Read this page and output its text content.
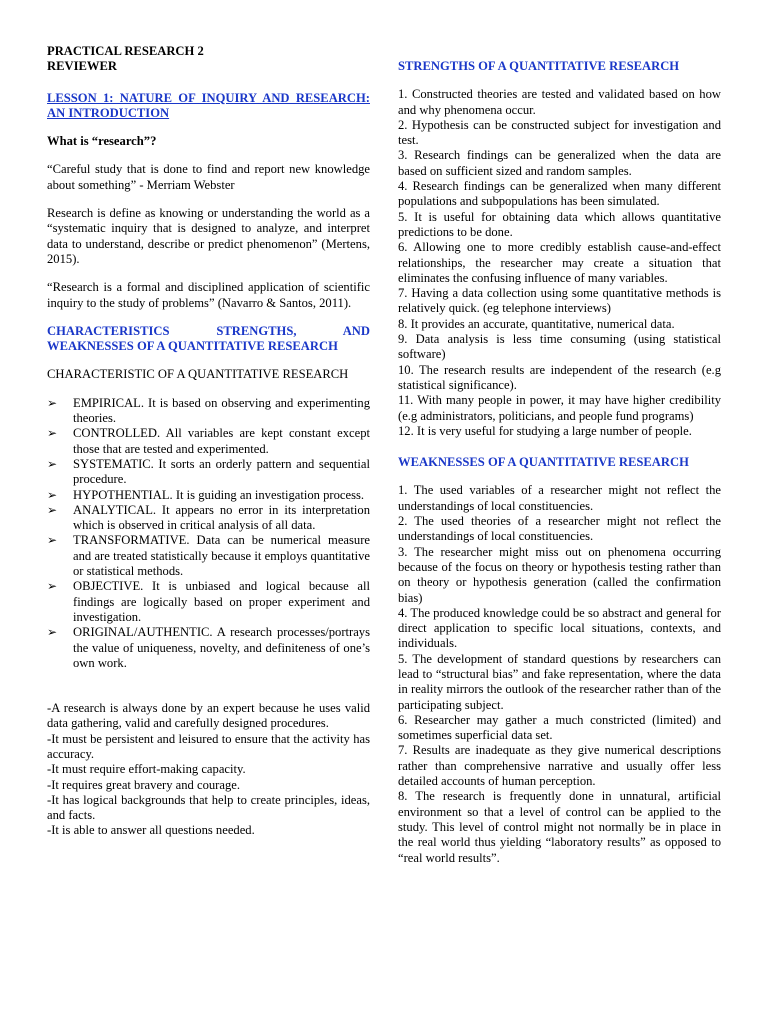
PRACTICAL RESEARCH 2
REVIEWER

LESSON 1: NATURE OF INQUIRY AND RESEARCH: AN INTRODUCTION

What is “research”?

“Careful study that is done to find and report new knowledge about something” - Merriam Webster

Research is define as knowing or understanding the world as a “systematic inquiry that is designed to analyze, and interpret data to understand, describe or predict phenomenon” (Mertens, 2015).

“Research is a formal and disciplined application of scientific inquiry to the study of problems” (Navarro & Santos, 2011).

CHARACTERISTICS STRENGTHS, AND WEAKNESSES OF A QUANTITATIVE RESEARCH

CHARACTERISTIC OF A QUANTITATIVE RESEARCH

➢ EMPIRICAL. It is based on observing and experimenting theories.
➢ CONTROLLED. All variables are kept constant except those that are tested and experimented.
➢ SYSTEMATIC. It sorts an orderly pattern and sequential procedure.
➢ HYPOTHENTIAL. It is guiding an investigation process.
➢ ANALYTICAL. It appears no error in its interpretation which is observed in critical analysis of all data.
➢ TRANSFORMATIVE. Data can be numerical measure and are treated statistically because it employs quantitative or statistical methods.
➢ OBJECTIVE. It is unbiased and logical because all findings are logically based on proper experiment and investigation.
➢ ORIGINAL/AUTHENTIC. A research processes/portrays the value of uniqueness, novelty, and definiteness of one’s own work.

-A research is always done by an expert because he uses valid data gathering, valid and carefully designed procedures.

-It must be persistent and leisured to ensure that the activity has accuracy.

-It must require effort-making capacity.

-It requires great bravery and courage.

-It has logical backgrounds that help to create principles, ideas, and facts.

-It is able to answer all questions needed.

STRENGTHS OF A QUANTITATIVE RESEARCH

1. Constructed theories are tested and validated based on how and why phenomena occur.

2. Hypothesis can be constructed subject for investigation and test.

3. Research findings can be generalized when the data are based on sufficient sized and random samples.

4. Research findings can be generalized when many different populations and subpopulations has been simulated.

5. It is useful for obtaining data which allows quantitative predictions to be done.

6. Allowing one to more credibly establish cause-and-effect relationships, the researcher may create a situation that eliminates the confusing influence of many variables.

7. Having a data collection using some quantitative methods is relatively quick. (eg telephone interviews)

8. It provides an accurate, quantitative, numerical data.

9. Data analysis is less time consuming (using statistical software)

10. The research results are independent of the research (e.g statistical significance).

11. With many people in power, it may have higher credibility (e.g administrators, politicians, and people fund programs)

12. It is very useful for studying a large number of people.

WEAKNESSES OF A QUANTITATIVE RESEARCH

1. The used variables of a researcher might not reflect the understandings of local constituencies.

2. The used theories of a researcher might not reflect the understandings of local constituencies.

3. The researcher might miss out on phenomena occurring because of the focus on theory or hypothesis testing rather than on theory or hypothesis generation (called the confirmation bias)

4. The produced knowledge could be so abstract and general for direct application to specific local situations, contexts, and individuals.

5. The development of standard questions by researchers can lead to “structural bias” and fake representation, where the data in reality mirrors the outlook of the researcher rather than of the participating subject.

6. Researcher may gather a much constricted (limited) and sometimes superficial data set.

7. Results are inadequate as they give numerical descriptions rather than comprehensive narrative and usually offer less detailed accounts of human perception.

8. The research is frequently done in unnatural, artificial environment so that a level of control can be applied to the study. This level of control might not normally be in place in the real world thus yielding “laboratory results” as opposed to “real world results”.
